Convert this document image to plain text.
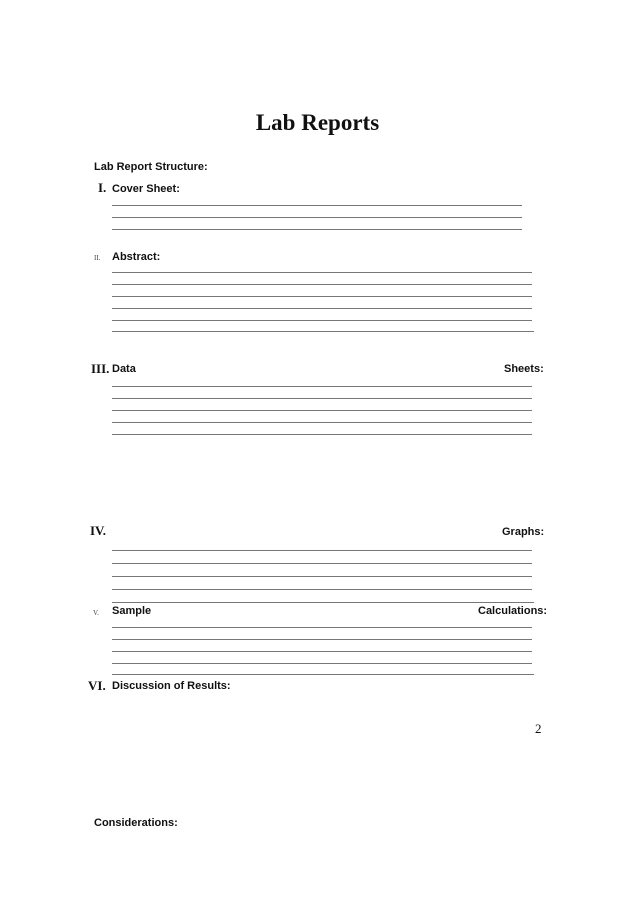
Lab Reports
Lab Report Structure:
I. Cover Sheet:
II. Abstract:
III. Data	Sheets:
IV.	Graphs:
V. Sample	Calculations:
VI. Discussion of Results:
2
Considerations:
